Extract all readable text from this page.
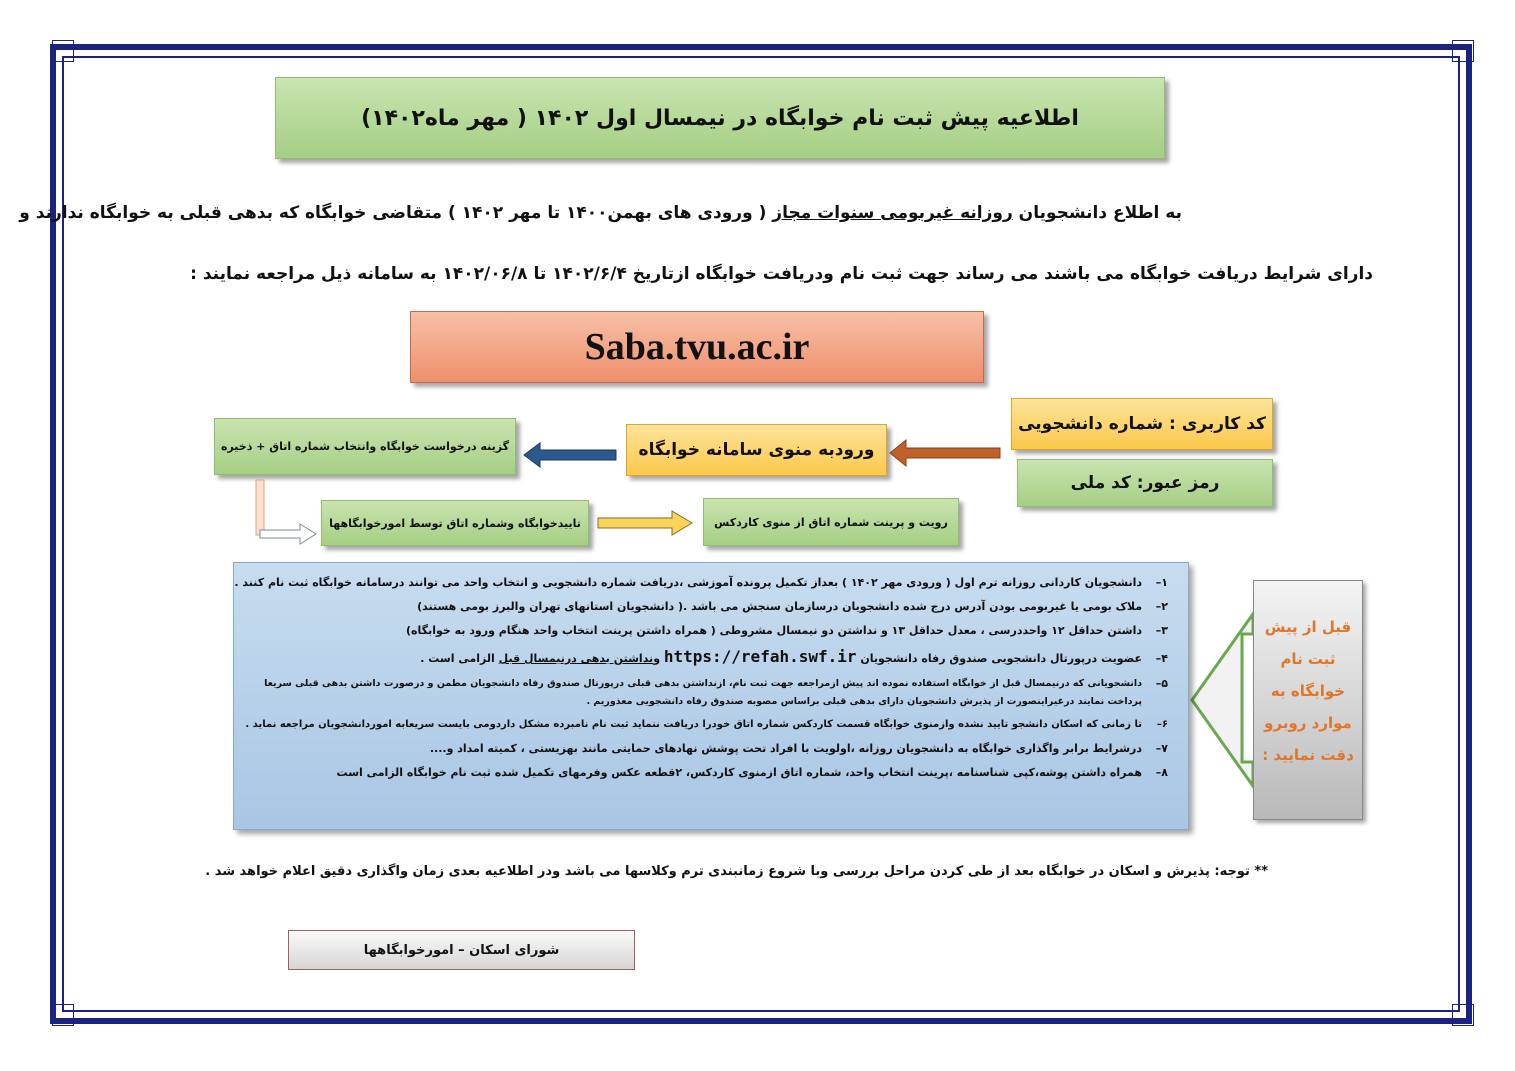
اطلاعیه پیش ثبت نام خوابگاه در نیمسال اول ۱۴۰۲ ( مهر ماه۱۴۰۲)
به اطلاع دانشجویان روزانه غیربومی سنوات مجاز ( ورودی های بهمن۱۴۰۰ تا مهر ۱۴۰۲ ) متقاضی خوابگاه که بدهی قبلی به خوابگاه ندارند و
دارای شرایط دریافت خوابگاه می باشند می رساند جهت ثبت نام ودریافت خوابگاه ازتاریخ ۱۴۰۲/۶/۴ تا ۱۴۰۲/۰۶/۸ به سامانه ذیل مراجعه نمایند :
Saba.tvu.ac.ir
کد کاربری : شماره دانشجویی
رمز عبور: کد ملی
ورودبه منوی سامانه خوابگاه
گزینه درخواست خوابگاه وانتخاب شماره اتاق + ذخیره
تاییدخوابگاه وشماره اتاق توسط امورخوابگاهها	رویت و پرینت شماره اتاق از منوی کاردکس
۱–دانشجویان کاردانی روزانه ترم اول ( ورودی مهر ۱۴۰۲ ) بعداز تکمیل پرونده آموزشی ،دریافت شماره دانشجویی و انتخاب واحد می توانند درسامانه خوابگاه ثبت نام کنند .
۲–ملاک بومی یا غیربومی بودن آدرس درج شده دانشجویان درسازمان سنجش می باشد .( دانشجویان استانهای تهران والبرز بومی هستند)
۳–داشتن حداقل ۱۲ واحددرسی ، معدل حداقل ۱۳ و نداشتن دو نیمسال مشروطی ( همراه داشتن پرینت انتخاب واحد هنگام ورود به خوابگاه)
۴–عضویت درپورتال دانشجویی صندوق رفاه دانشجویان https://refah.swf.ir ونداشتن بدهی درنیمسال قبل الزامی است .
۵–
دانشجویانی که درنیمسال قبل از خوابگاه استفاده نموده اند پیش ازمراجعه جهت ثبت نام، ازنداشتن بدهی قبلی درپورتال صندوق رفاه دانشجویان مطمن و درصورت داشتن بدهی قبلی سریعا پرداخت نمایند درغیراینصورت از پذیرش دانشجویان دارای بدهی قبلی براساس مصوبه صندوق رفاه دانشجویی معذوریم .
۶–تا زمانی که اسکان دانشجو تایید نشده وازمنوی خوابگاه قسمت کاردکس شماره اتاق خودرا دریافت ننماید ثبت نام نامبرده مشکل داردومی بایست سریعابه اموردانشجویان مراجعه نماید .
۷–درشرایط برابر واگذاری خوابگاه به دانشجویان روزانه ،اولویت با افراد تحت پوشش نهادهای حمایتی مانند بهزیستی ، کمیته امداد و....
۸–همراه داشتن پوشه،کپی شناسنامه ،پرینت انتخاب واحد، شماره اتاق ازمنوی کاردکس، ۲قطعه عکس وفرمهای تکمیل شده ثبت نام خوابگاه الزامی است
قبل از پیش
ثبت نام
خوابگاه به
موارد روبرو
دقت نمایید :
** توجه: پذیرش و اسکان در خوابگاه بعد از طی کردن مراحل بررسی وبا شروع زمانبندی ترم وکلاسها می باشد ودر اطلاعیه بعدی زمان واگذاری دقیق اعلام خواهد شد .
شورای اسکان – امورخوابگاهها
